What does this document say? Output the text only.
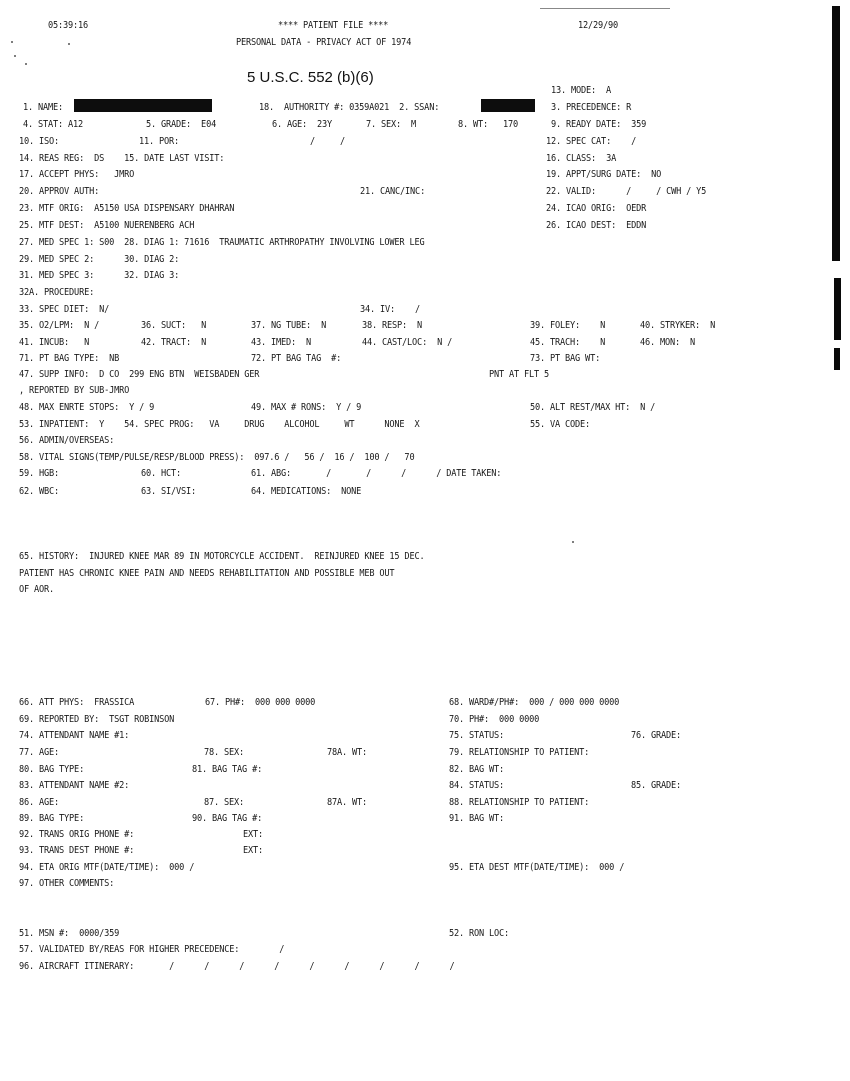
05:39:16	**** PATIENT FILE ****	12/29/90
PERSONAL DATA - PRIVACY ACT OF 1974
5 U.S.C. 552 (b)(6)
13. MODE:  A
1. NAME:	18.  AUTHORITY #: 0359A021  2. SSAN:	3. PRECEDENCE: R
4. STAT: A12	5. GRADE:  E04	6. AGE:  23Y	7. SEX:  M	8. WT:   170	9. READY DATE:  359
10. ISO:	11. POR:	/     /	12. SPEC CAT:    /
14. REAS REG:  DS    15. DATE LAST VISIT:	16. CLASS:  3A
17. ACCEPT PHYS:   JMRO	19. APPT/SURG DATE:  NO
20. APPROV AUTH:	21. CANC/INC:	22. VALID:      /     / CWH / Y5
23. MTF ORIG:  A5150 USA DISPENSARY DHAHRAN	24. ICAO ORIG:  OEDR
25. MTF DEST:  A5100 NUERENBERG ACH	26. ICAO DEST:  EDDN
27. MED SPEC 1: S00  28. DIAG 1: 71616  TRAUMATIC ARTHROPATHY INVOLVING LOWER LEG
29. MED SPEC 2:      30. DIAG 2:
31. MED SPEC 3:      32. DIAG 3:
32A. PROCEDURE:
33. SPEC DIET:  N/	34. IV:    /
35. O2/LPM:  N /	36. SUCT:   N	37. NG TUBE:  N	38. RESP:  N	39. FOLEY:    N	40. STRYKER:  N
41. INCUB:   N	42. TRACT:  N	43. IMED:  N	44. CAST/LOC:  N /	45. TRACH:    N	46. MON:  N
71. PT BAG TYPE:  NB	72. PT BAG TAG  #:	73. PT BAG WT:
47. SUPP INFO:  D CO  299 ENG BTN  WEISBADEN GER	PNT AT FLT 5
, REPORTED BY SUB-JMRO
48. MAX ENRTE STOPS:  Y / 9	49. MAX # RONS:  Y / 9	50. ALT REST/MAX HT:  N /
53. INPATIENT:  Y    54. SPEC PROG:   VA     DRUG    ALCOHOL     WT      NONE  X	55. VA CODE:
56. ADMIN/OVERSEAS:
58. VITAL SIGNS(TEMP/PULSE/RESP/BLOOD PRESS):  097.6 /   56 /  16 /  100 /   70
59. HGB:	60. HCT:	61. ABG:       /       /      /      / DATE TAKEN:
62. WBC:	63. SI/VSI:	64. MEDICATIONS:  NONE
65. HISTORY:  INJURED KNEE MAR 89 IN MOTORCYCLE ACCIDENT.  REINJURED KNEE 15 DEC.
PATIENT HAS CHRONIC KNEE PAIN AND NEEDS REHABILITATION AND POSSIBLE MEB OUT
OF AOR.
66. ATT PHYS:  FRASSICA	67. PH#:  000 000 0000	68. WARD#/PH#:  000 / 000 000 0000
69. REPORTED BY:  TSGT ROBINSON	70. PH#:  000 0000
74. ATTENDANT NAME #1:	75. STATUS:	76. GRADE:
77. AGE:	78. SEX:	78A. WT:	79. RELATIONSHIP TO PATIENT:
80. BAG TYPE:	81. BAG TAG #:	82. BAG WT:
83. ATTENDANT NAME #2:	84. STATUS:	85. GRADE:
86. AGE:	87. SEX:	87A. WT:	88. RELATIONSHIP TO PATIENT:
89. BAG TYPE:	90. BAG TAG #:	91. BAG WT:
92. TRANS ORIG PHONE #:	EXT:
93. TRANS DEST PHONE #:	EXT:
94. ETA ORIG MTF(DATE/TIME):  000 /	95. ETA DEST MTF(DATE/TIME):  000 /
97. OTHER COMMENTS:
51. MSN #:  0000/359	52. RON LOC:
57. VALIDATED BY/REAS FOR HIGHER PRECEDENCE:        /
96. AIRCRAFT ITINERARY:       /      /      /      /      /      /      /      /      /
